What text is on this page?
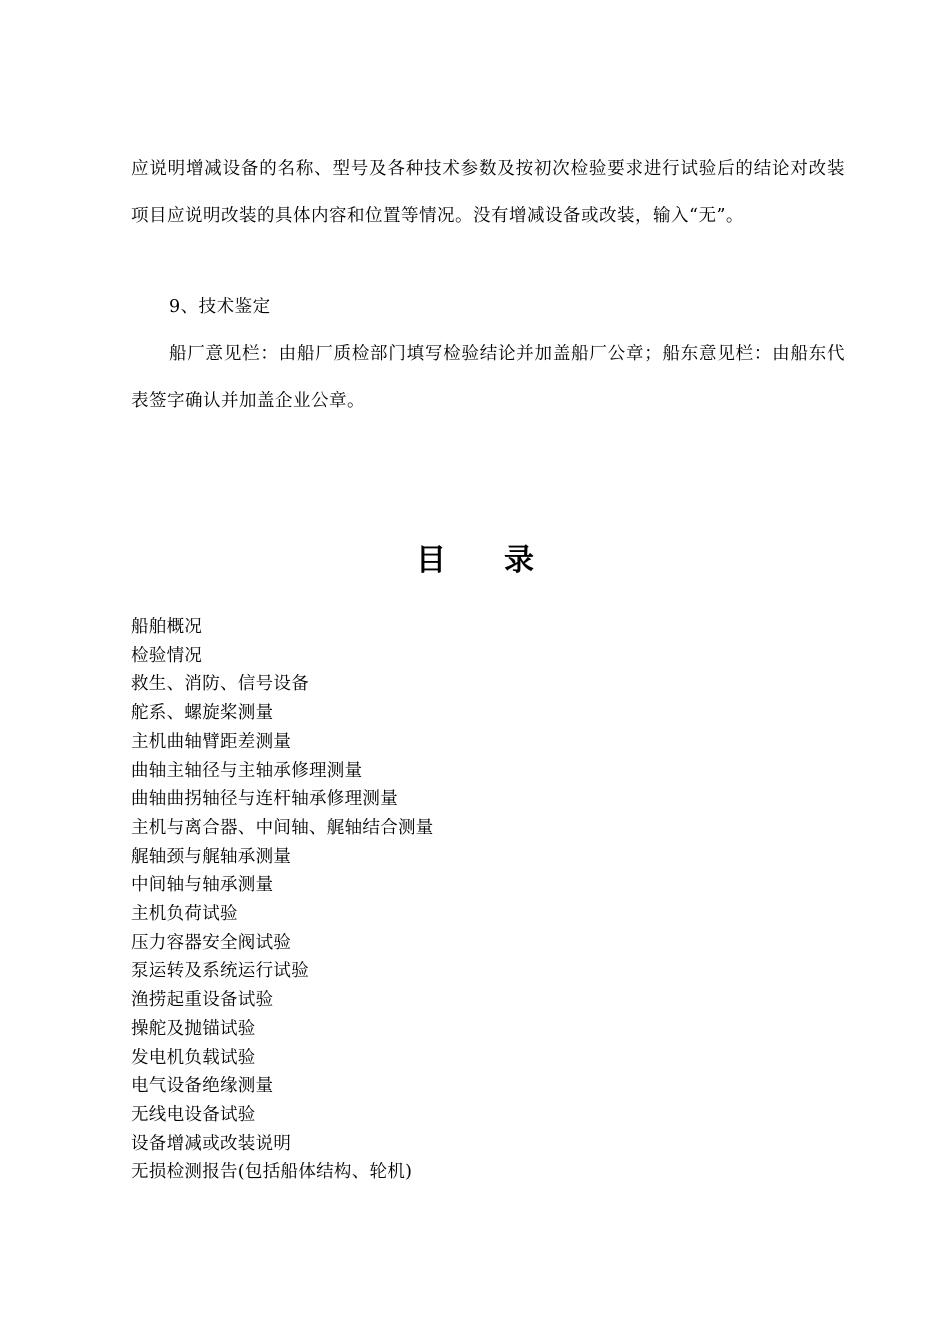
应说明增减设备的名称、型号及各种技术参数及按初次检验要求进行试验后的结论对改装项目应说明改装的具体内容和位置等情况。没有增减设备或改装，输入“无”。

9、技术鉴定

船厂意见栏：由船厂质检部门填写检验结论并加盖船厂公章；船东意见栏：由船东代表签字确认并加盖企业公章。

目 录
船舶概况
检验情况
救生、消防、信号设备
舵系、螺旋桨测量
主机曲轴臂距差测量
曲轴主轴径与主轴承修理测量
曲轴曲拐轴径与连杆轴承修理测量
主机与离合器、中间轴、艉轴结合测量
艉轴颈与艉轴承测量
中间轴与轴承测量
主机负荷试验
压力容器安全阀试验
泵运转及系统运行试验
渔捞起重设备试验
操舵及抛锚试验
发电机负载试验
电气设备绝缘测量
无线电设备试验
设备增减或改装说明
无损检测报告(包括船体结构、轮机)
